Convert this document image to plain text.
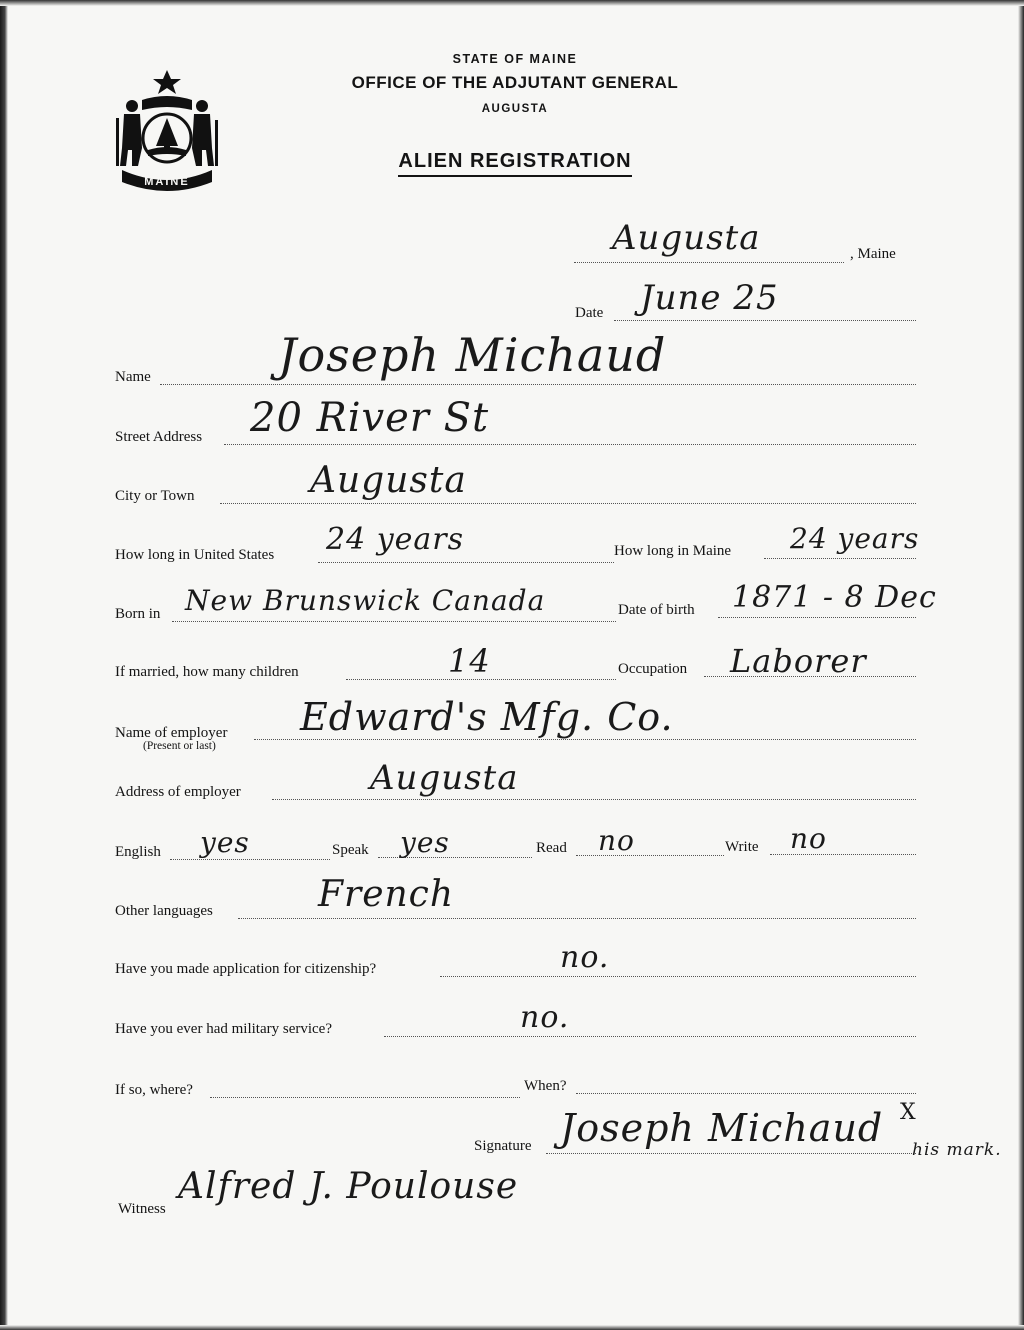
MAINE
STATE OF MAINE
OFFICE OF THE ADJUTANT GENERAL
AUGUSTA
ALIEN REGISTRATION
Augusta	, Maine
Date June 25
Name	Joseph Michaud
Street Address 20 River St
City or Town	Augusta
How long in United States 24 years	How long in Maine 24 years
Born in New Brunswick Canada	Date of birth 1871 - 8 Dec
If married, how many children	14	Occupation Laborer
Name of employer
(Present or last)
Edward's Mfg. Co.
Address of employer	Augusta
English yes	Speak yes	Read no	Write no
Other languages	French
Have you made application for citizenship?	no.
Have you ever had military service?	no.
If so, where?	When?
Signature Joseph Michaud X
his mark.
Witness
Alfred J. Poulouse
